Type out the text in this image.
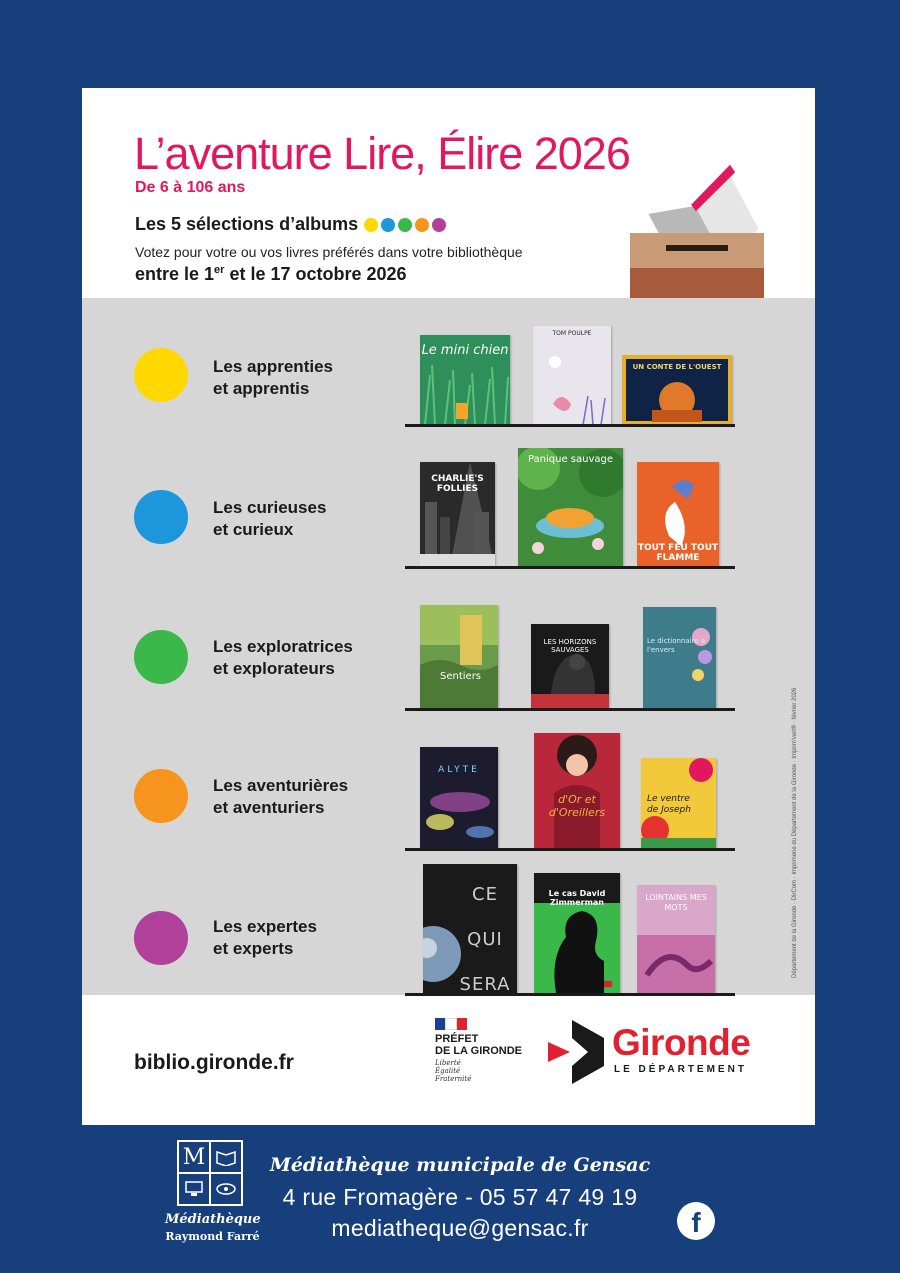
L’aventure Lire, Élire 2026
De 6 à 106 ans
Les 5 sélections d’albums
Votez pour votre ou vos livres préférés dans votre bibliothèque
entre le 1er et le 17 octobre 2026
Les apprenties
et apprentis
Le mini chien
TOM POULPE
UN CONTE DE L'OUEST
Les curieuses
et curieux
CHARLIE'S FOLLIES
Panique sauvage
TOUT FEU TOUT FLAMME
Les exploratrices
et explorateurs	Sentiers
LES HORIZONS SAUVAGES
Le dictionnaire à l'envers
Les aventurières
et aventuriers
ALYTE
d'Or et d'Oreillers
Le ventre de Joseph
Les expertes
et experts
CE QUI SERA
Le cas David Zimmerman
LOINTAINS MES MOTS	Département de la Gironde · DirCom · Imprimerie du Département de la Gironde · Imprim'vert® · février 2026
biblio.gironde.fr
PRÉFET
DE LA GIRONDE
Liberté
Égalité
Fraternité
Gironde
LE DÉPARTEMENT
M
Médiathèque
Raymond Farré
Médiathèque municipale de Gensac
4 rue Fromagère - 05 57 47 49 19
mediatheque@gensac.fr	f
